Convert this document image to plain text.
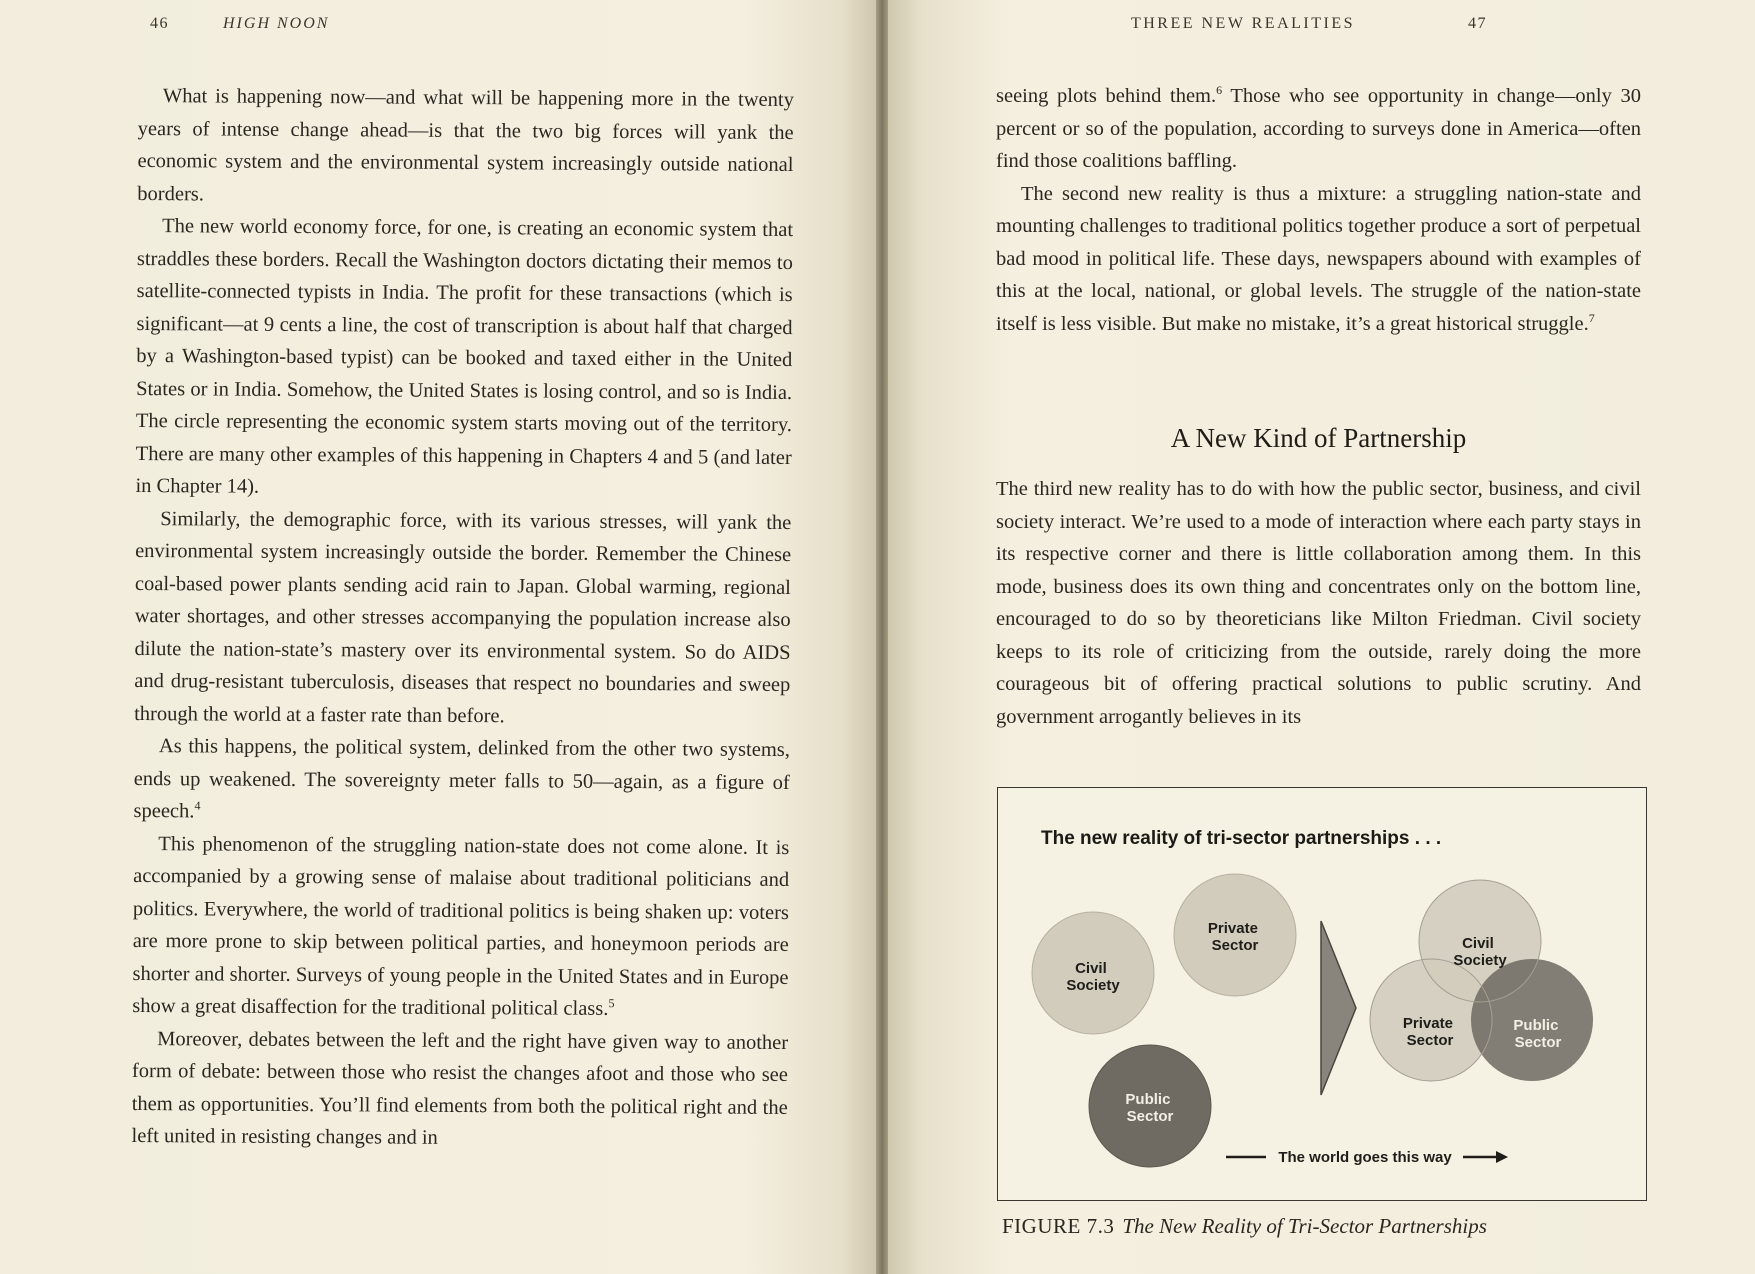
46	HIGH NOON

What is happening now—and what will be happening more in the twenty years of intense change ahead—is that the two big forces will yank the economic system and the environmental system increasingly outside national borders.

The new world economy force, for one, is creating an economic system that straddles these borders. Recall the Washington doctors dictating their memos to satellite-connected typists in India. The profit for these transactions (which is significant—at 9 cents a line, the cost of transcription is about half that charged by a Washington-based typist) can be booked and taxed either in the United States or in India. Somehow, the United States is losing control, and so is India. The circle representing the economic system starts moving out of the territory. There are many other examples of this happening in Chapters 4 and 5 (and later in Chapter 14).

Similarly, the demographic force, with its various stresses, will yank the environmental system increasingly outside the border. Remember the Chinese coal-based power plants sending acid rain to Japan. Global warming, regional water shortages, and other stresses accompanying the population increase also dilute the nation-state’s mastery over its environmental system. So do AIDS and drug-resistant tuberculosis, diseases that respect no boundaries and sweep through the world at a faster rate than before.

As this happens, the political system, delinked from the other two systems, ends up weakened. The sovereignty meter falls to 50—again, as a figure of speech.$^4$

This phenomenon of the struggling nation-state does not come alone. It is accompanied by a growing sense of malaise about traditional politicians and politics. Everywhere, the world of traditional politics is being shaken up: voters are more prone to skip between political parties, and honeymoon periods are shorter and shorter. Surveys of young people in the United States and in Europe show a great disaffection for the traditional political class.$^5$

Moreover, debates between the left and the right have given way to another form of debate: between those who resist the changes afoot and those who see them as opportunities. You’ll find elements from both the political right and the left united in resisting changes and in

THREE NEW REALITIES	47

seeing plots behind them.$^6$ Those who see opportunity in change—only 30 percent or so of the population, according to surveys done in America—often find those coalitions baffling.

The second new reality is thus a mixture: a struggling nation-state and mounting challenges to traditional politics together produce a sort of perpetual bad mood in political life. These days, newspapers abound with examples of this at the local, national, or global levels. The struggle of the nation-state itself is less visible. But make no mistake, it’s a great historical struggle.$^7$

A New Kind of Partnership

The third new reality has to do with how the public sector, business, and civil society interact. We’re used to a mode of interaction where each party stays in its respective corner and there is little collaboration among them. In this mode, business does its own thing and concentrates only on the bottom line, encouraged to do so by theoreticians like Milton Friedman. Civil society keeps to its role of criticizing from the outside, rarely doing the more courageous bit of offering practical solutions to public scrutiny. And government arrogantly believes in its

The new reality of tri-sector partnerships . . .
Civil Society
Private Sector
Public Sector
Civil Society
Private Sector
Public Sector
The world goes this way
FIGURE 7.3 The New Reality of Tri-Sector Partnerships
